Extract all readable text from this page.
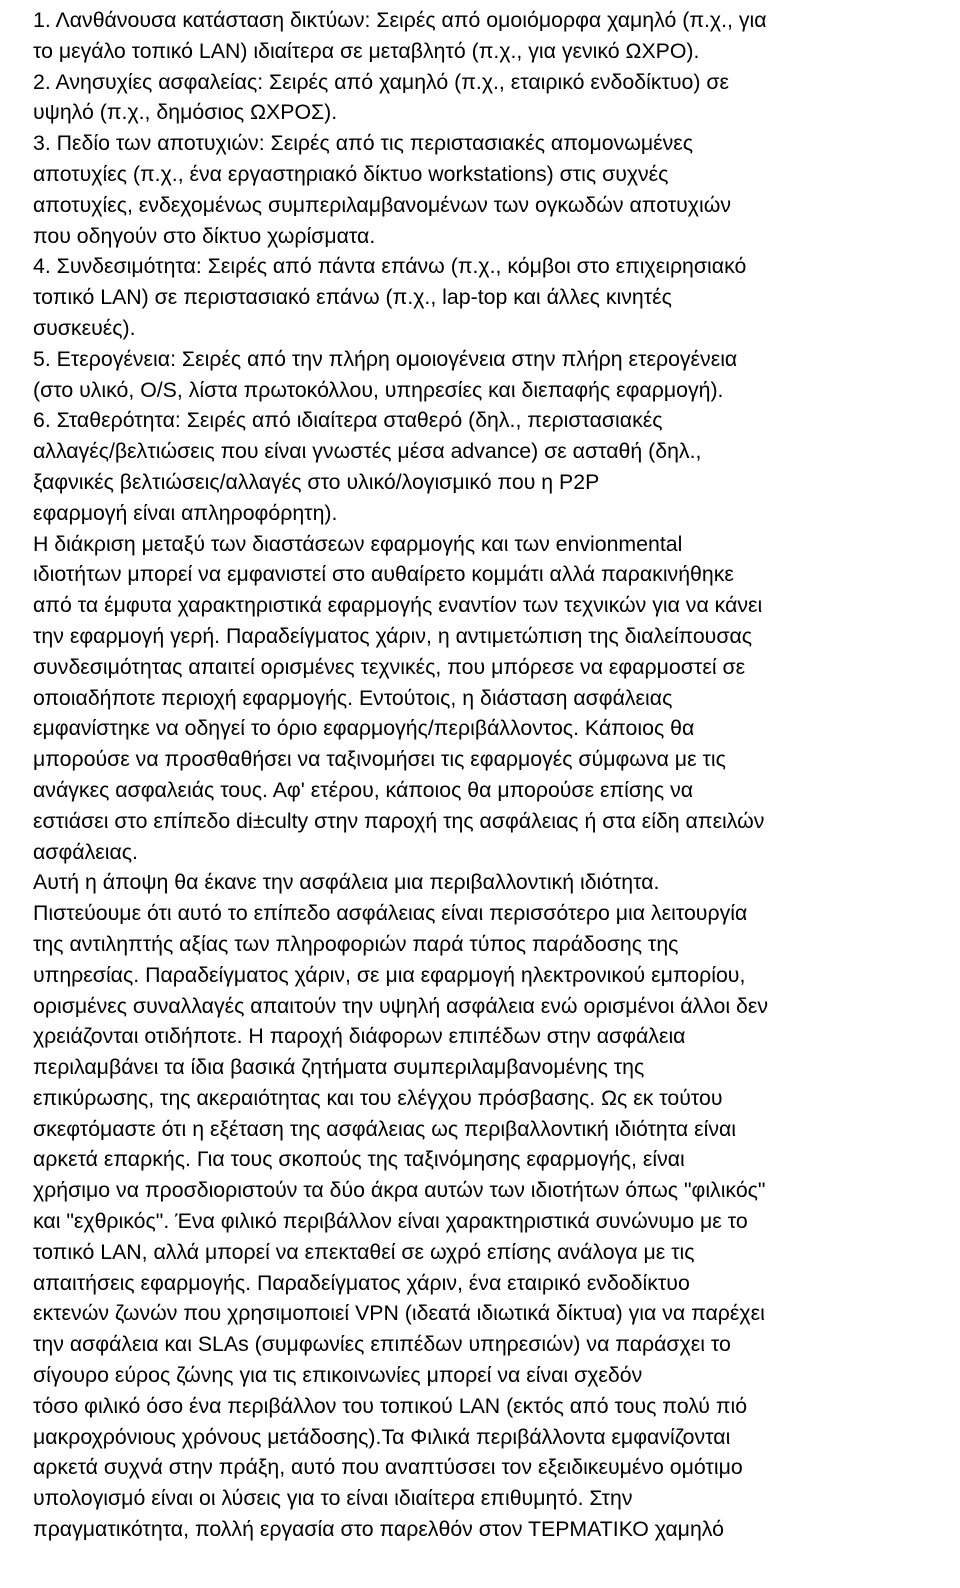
1. Λανθάνουσα κατάσταση δικτύων: Σειρές από ομοιόμορφα χαμηλό (π.χ., για
το μεγάλο τοπικό LAN) ιδιαίτερα σε μεταβλητό (π.χ., για γενικό ΩΧΡΟ).
2. Ανησυχίες ασφαλείας: Σειρές από χαμηλό (π.χ., εταιρικό ενδοδίκτυο) σε
υψηλό (π.χ., δημόσιος ΩΧΡΟΣ).
3. Πεδίο των αποτυχιών: Σειρές από τις περιστασιακές απομονωμένες
αποτυχίες (π.χ., ένα εργαστηριακό δίκτυο workstations) στις συχνές
αποτυχίες, ενδεχομένως συμπεριλαμβανομένων των ογκωδών αποτυχιών
που οδηγούν στο δίκτυο χωρίσματα.
4. Συνδεσιμότητα: Σειρές από πάντα επάνω (π.χ., κόμβοι στο επιχειρησιακό
τοπικό LAN) σε περιστασιακό επάνω (π.χ., lap-top και άλλες κινητές
συσκευές).
5. Ετερογένεια: Σειρές από την πλήρη ομοιογένεια στην πλήρη ετερογένεια
(στο υλικό, O/S, λίστα πρωτοκόλλου, υπηρεσίες και διεπαφής εφαρμογή).
6. Σταθερότητα: Σειρές από ιδιαίτερα σταθερό (δηλ., περιστασιακές
αλλαγές/βελτιώσεις που είναι γνωστές μέσα advance) σε ασταθή (δηλ.,
ξαφνικές βελτιώσεις/αλλαγές στο υλικό/λογισμικό που η P2P
εφαρμογή είναι απληροφόρητη).
Η διάκριση μεταξύ των διαστάσεων εφαρμογής και των envionmental
ιδιοτήτων μπορεί να εμφανιστεί στο αυθαίρετο κομμάτι αλλά παρακινήθηκε
από τα έμφυτα χαρακτηριστικά εφαρμογής εναντίον των τεχνικών για να κάνει
την εφαρμογή γερή. Παραδείγματος χάριν, η αντιμετώπιση της διαλείπουσας
συνδεσιμότητας απαιτεί ορισμένες τεχνικές, που μπόρεσε να εφαρμοστεί σε
οποιαδήποτε περιοχή εφαρμογής. Εντούτοις, η διάσταση ασφάλειας
εμφανίστηκε να οδηγεί το όριο εφαρμογής/περιβάλλοντος. Κάποιος θα
μπορούσε να προσθαθήσει να ταξινομήσει τις εφαρμογές σύμφωνα με τις
ανάγκες ασφαλειάς τους. Αφ' ετέρου, κάποιος θα μπορούσε επίσης να
εστιάσει στο επίπεδο di±culty στην παροχή της ασφάλειας ή στα είδη απειλών
ασφάλειας.
Αυτή η άποψη θα έκανε την ασφάλεια μια περιβαλλοντική ιδιότητα.
Πιστεύουμε ότι αυτό το επίπεδο ασφάλειας είναι περισσότερο μια λειτουργία
της αντιληπτής αξίας των πληροφοριών παρά τύπος παράδοσης της
υπηρεσίας. Παραδείγματος χάριν, σε μια εφαρμογή ηλεκτρονικού εμπορίου,
ορισμένες συναλλαγές απαιτούν την υψηλή ασφάλεια ενώ ορισμένοι άλλοι δεν
χρειάζονται οτιδήποτε. Η παροχή διάφορων επιπέδων στην ασφάλεια
περιλαμβάνει τα ίδια βασικά ζητήματα συμπεριλαμβανομένης της
επικύρωσης, της ακεραιότητας και του ελέγχου πρόσβασης. Ως εκ τούτου
σκεφτόμαστε ότι η εξέταση της ασφάλειας ως περιβαλλοντική ιδιότητα είναι
αρκετά επαρκής. Για τους σκοπούς της ταξινόμησης εφαρμογής, είναι
χρήσιμο να προσδιοριστούν τα δύο άκρα αυτών των ιδιοτήτων όπως "φιλικός"
και "εχθρικός". Ένα φιλικό περιβάλλον είναι χαρακτηριστικά συνώνυμο με το
τοπικό LAN, αλλά μπορεί να επεκταθεί σε ωχρό επίσης ανάλογα με τις
απαιτήσεις εφαρμογής. Παραδείγματος χάριν, ένα εταιρικό ενδοδίκτυο
εκτενών ζωνών που χρησιμοποιεί VPN (ιδεατά ιδιωτικά δίκτυα) για να παρέχει
την ασφάλεια και SLAs (συμφωνίες επιπέδων υπηρεσιών) να παράσχει το
σίγουρο εύρος ζώνης για τις επικοινωνίες μπορεί να είναι σχεδόν
τόσο φιλικό όσο ένα περιβάλλον του τοπικού LAN (εκτός από τους πολύ πιό
μακροχρόνιους χρόνους μετάδοσης).Τα Φιλικά περιβάλλοντα εμφανίζονται
αρκετά συχνά στην πράξη, αυτό που αναπτύσσει τον εξειδικευμένο ομότιμο
υπολογισμό είναι οι λύσεις για το είναι ιδιαίτερα επιθυμητό. Στην
πραγματικότητα, πολλή εργασία στο παρελθόν στον ΤΕΡΜΑΤΙΚΟ χαμηλό
